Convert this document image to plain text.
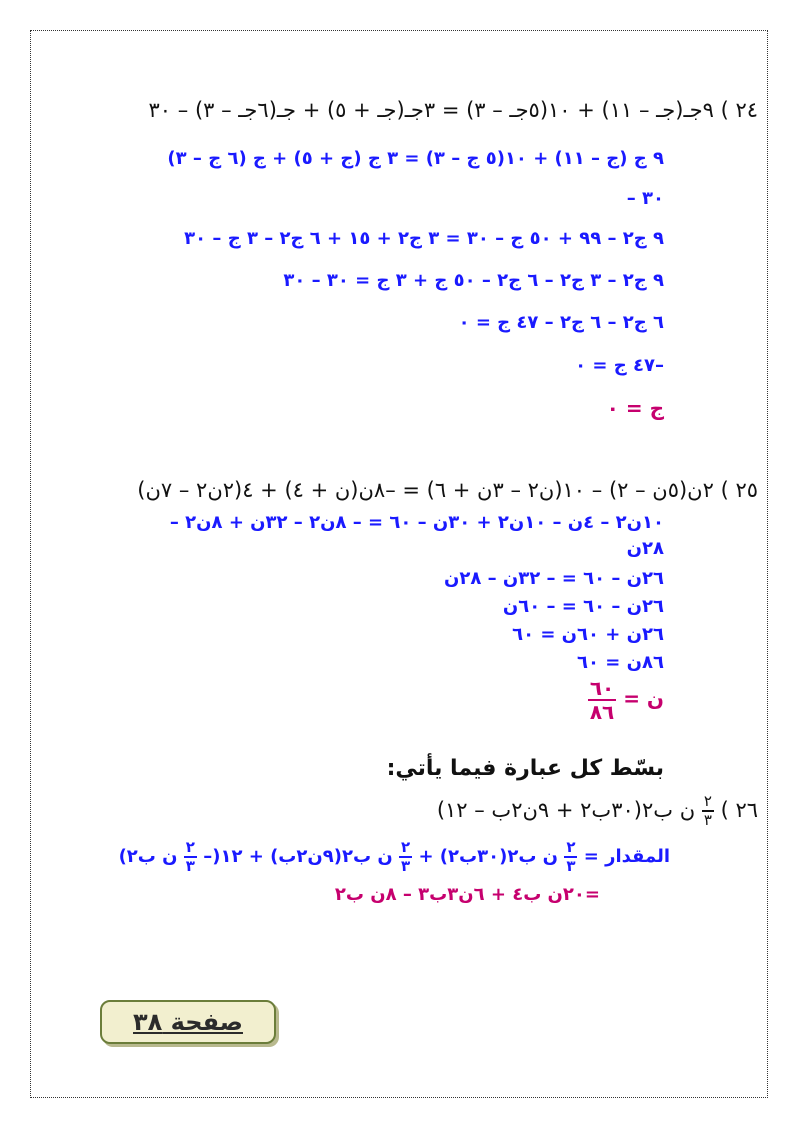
٢٤ ) ٩جـ(جـ – ١١) + ١٠(٥جـ – ٣) = ٣جـ(جـ + ٥) + جـ(٦جـ – ٣) – ٣٠
٩ ج (ج – ١١) + ١٠(٥ ج – ٣) = ٣ ج (ج + ٥) + ج (٦ ج – ٣)
– ٣٠
٩ ج٢ – ٩٩ + ٥٠ ج – ٣٠ = ٣ ج٢ + ١٥ + ٦ ج٢ – ٣ ج – ٣٠
٩ ج٢ – ٣ ج٢ – ٦ ج٢ – ٥٠ ج + ٣ ج = ٣٠ – ٣٠
٦ ج٢ – ٦ ج٢ – ٤٧ ج = ٠
–٤٧ ج = ٠
ج = ٠
٢٥ ) ٢ن(٥ن – ٢) – ١٠(ن٢ – ٣ن + ٦) = –٨ن(ن + ٤) + ٤(٢ن٢ – ٧ن)
١٠ن٢ – ٤ن – ١٠ن٢ + ٣٠ن – ٦٠ = – ٨ن٢ – ٣٢ن + ٨ن٢ –
٢٨ن
٢٦ن – ٦٠ = – ٣٢ن – ٢٨ن
٢٦ن – ٦٠ = – ٦٠ن
٢٦ن + ٦٠ن = ٦٠
٨٦ن = ٦٠
ن =
$\frac{٦٠}{٨٦}$
بسّط كل عبارة فيما يأتي:
٢٦ )
$\frac{٢}{٣}$
ن ب٢(٣٠ب٢ + ٩ن٢ب – ١٢)
المقدار =
$\frac{٢}{٣}$
ن ب٢(٣٠ب٢) +
$\frac{٢}{٣}$
ن ب٢(٩ن٢ب) + ١٢(–
$\frac{٢}{٣}$
ن ب٢)
=٢٠ن ب٤ + ٦ن٣ب٣ – ٨ن ب٢
صفحة ٣٨
